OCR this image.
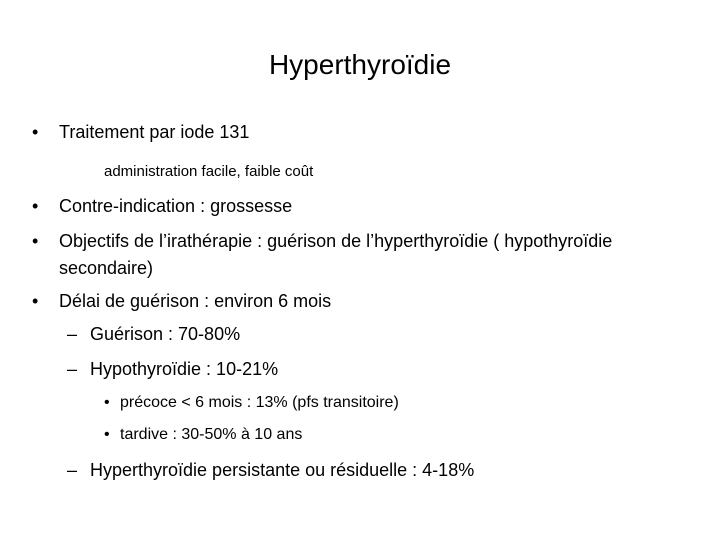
Hyperthyroïdie
• Traitement par iode 131
administration facile, faible coût
• Contre-indication : grossesse
• Objectifs de l’irathérapie : guérison de l’hyperthyroïdie ( hypothyroïdie
secondaire)
• Délai de guérison : environ 6 mois
– Guérison : 70-80%
– Hypothyroïdie : 10-21%
• précoce < 6 mois : 13% (pfs transitoire)
• tardive : 30-50% à 10 ans
– Hyperthyroïdie persistante ou résiduelle : 4-18%
